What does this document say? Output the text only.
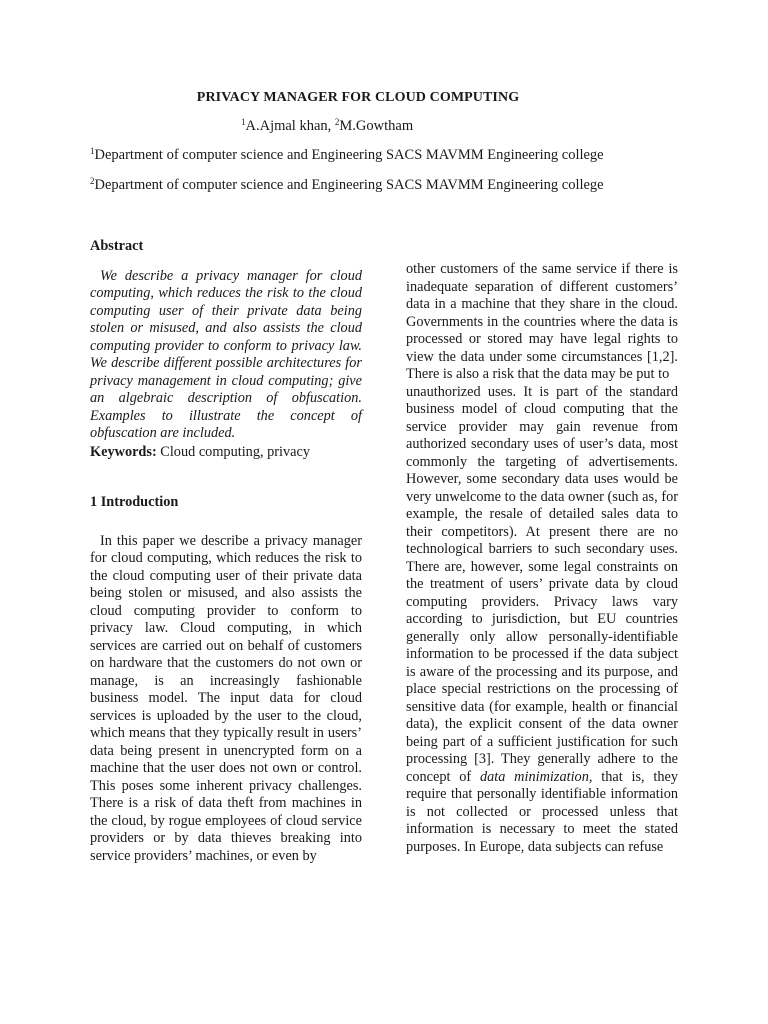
PRIVACY MANAGER FOR CLOUD COMPUTING
$^1$A.Ajmal khan, $^2$M.Gowtham
$^1$Department of computer science and Engineering SACS MAVMM Engineering college
$^2$Department of computer science and Engineering SACS MAVMM Engineering college

Abstract

We describe a privacy manager for cloud computing, which reduces the risk to the cloud computing user of their private data being stolen or misused, and also assists the cloud computing provider to conform to privacy law. We describe different possible architectures for privacy management in cloud computing; give an algebraic description of obfuscation. Examples to illustrate the concept of obfuscation are included.

Keywords: Cloud computing, privacy

1 Introduction

In this paper we describe a privacy manager for cloud computing, which reduces the risk to the cloud computing user of their private data being stolen or misused, and also assists the cloud computing provider to conform to privacy law. Cloud computing, in which services are carried out on behalf of customers on hardware that the customers do not own or manage, is an increasingly fashionable business model. The input data for cloud services is uploaded by the user to the cloud, which means that they typically result in users’ data being present in unencrypted form on a machine that the user does not own or control. This poses some inherent privacy challenges. There is a risk of data theft from machines in the cloud, by rogue employees of cloud service providers or by data thieves breaking into service providers’ machines, or even by

other customers of the same service if there is inadequate separation of different customers’ data in a machine that they share in the cloud. Governments in the countries where the data is processed or stored may have legal rights to view the data under some circumstances [1,2]. There is also a risk that the data may be put to

unauthorized uses. It is part of the standard business model of cloud computing that the service provider may gain revenue from authorized secondary uses of user’s data, most commonly the targeting of advertisements. However, some secondary data uses would be very unwelcome to the data owner (such as, for example, the resale of detailed sales data to their competitors). At present there are no technological barriers to such secondary uses. There are, however, some legal constraints on the treatment of users’ private data by cloud computing providers. Privacy laws vary according to jurisdiction, but EU countries generally only allow personally-identifiable information to be processed if the data subject is aware of the processing and its purpose, and place special restrictions on the processing of sensitive data (for example, health or financial data), the explicit consent of the data owner being part of a sufficient justification for such processing [3]. They generally adhere to the concept of data minimization, that is, they require that personally identifiable information is not collected or processed unless that information is necessary to meet the stated purposes. In Europe, data subjects can refuse
